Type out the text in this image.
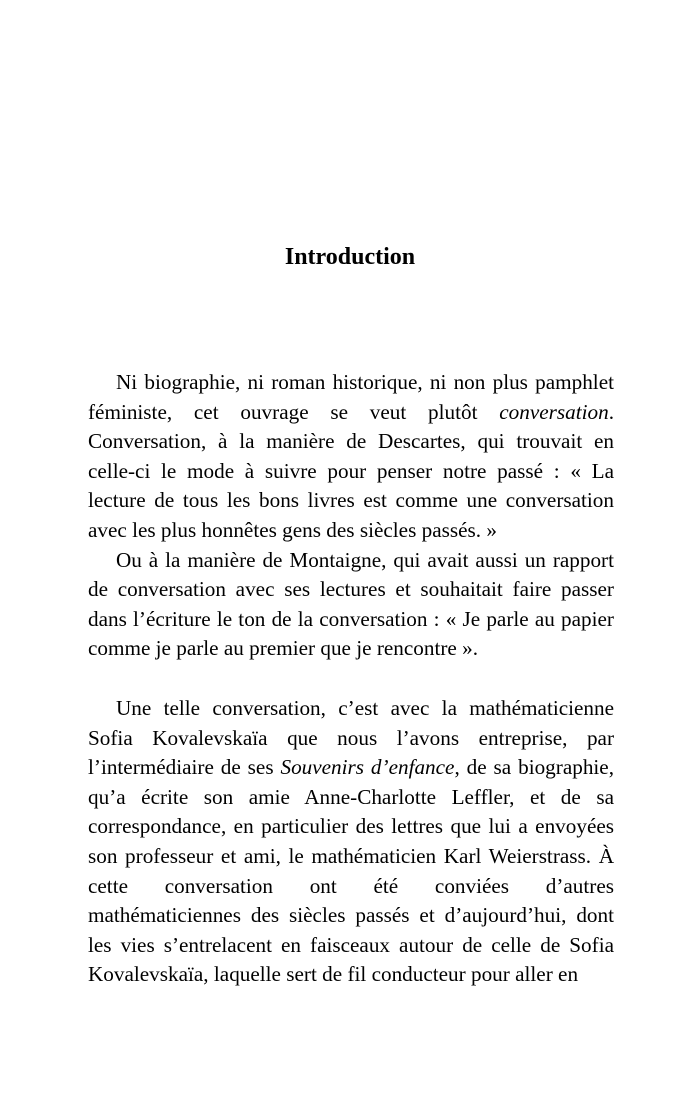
Introduction

Ni biographie, ni roman historique, ni non plus pamphlet féministe, cet ouvrage se veut plutôt conversation. Conversation, à la manière de Descartes, qui trouvait en celle-ci le mode à suivre pour penser notre passé : « La lecture de tous les bons livres est comme une conversation avec les plus honnêtes gens des siècles passés. »

Ou à la manière de Montaigne, qui avait aussi un rapport de conversation avec ses lectures et souhaitait faire passer dans l’écriture le ton de la conversation : « Je parle au papier comme je parle au premier que je rencontre ».

Une telle conversation, c’est avec la mathématicienne Sofia Kovalevskaïa que nous l’avons entreprise, par l’intermédiaire de ses Souvenirs d’enfance, de sa biographie, qu’a écrite son amie Anne-Charlotte Leffler, et de sa correspondance, en particulier des lettres que lui a envoyées son professeur et ami, le mathématicien Karl Weierstrass. À cette conversation ont été conviées d’autres mathématiciennes des siècles passés et d’aujourd’hui, dont les vies s’entrelacent en faisceaux autour de celle de Sofia Kovalevskaïa, laquelle sert de fil conducteur pour aller en
